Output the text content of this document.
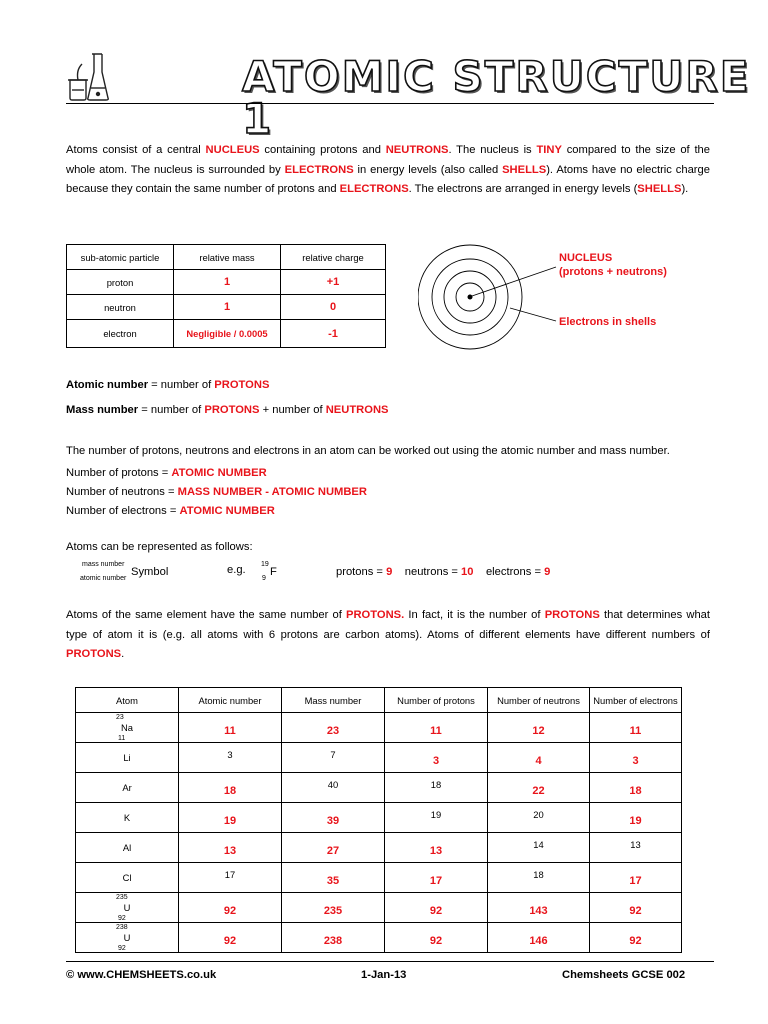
ATOMIC STRUCTURE 1
Atoms consist of a central NUCLEUS containing protons and NEUTRONS. The nucleus is TINY compared to the size of the whole atom. The nucleus is surrounded by ELECTRONS in energy levels (also called SHELLS). Atoms have no electric charge because they contain the same number of protons and ELECTRONS. The electrons are arranged in energy levels (SHELLS).
sub-atomic particle	relative mass	relative charge
proton	1	+1
neutron	1	0
electron	Negligible / 0.0005	-1
NUCLEUS
(protons + neutrons)
Electrons in shells
Atomic number = number of PROTONS
Mass number = number of PROTONS + number of NEUTRONS
The number of protons, neutrons and electrons in an atom can be worked out using the atomic number and mass number.
Number of protons = ATOMIC NUMBER
Number of neutrons = MASS NUMBER - ATOMIC NUMBER
Number of electrons = ATOMIC NUMBER
Atoms can be represented as follows:
mass number
atomic number
Symbol	e.g. 19
9
F	protons = 9 neutrons = 10 electrons = 9
Atoms of the same element have the same number of PROTONS. In fact, it is the number of PROTONS that determines what type of atom it is (e.g. all atoms with 6 protons are carbon atoms). Atoms of different elements have different numbers of PROTONS.
Atom	Atomic number	Mass number	Number of protons	Number of neutrons	Number of electrons

23
Na
11	11	23	11	12	11

Li	3	7	3	4	3

Ar	18	40	18	22	18

K	19	39	19	20	19

Al	13	27	13	14	13

Cl	17	35	17	18	17

235
U
92	92	235	92	143	92

238
U
92	92	238	92	146	92
© www.CHEMSHEETS.co.uk	1-Jan-13	Chemsheets GCSE 002
